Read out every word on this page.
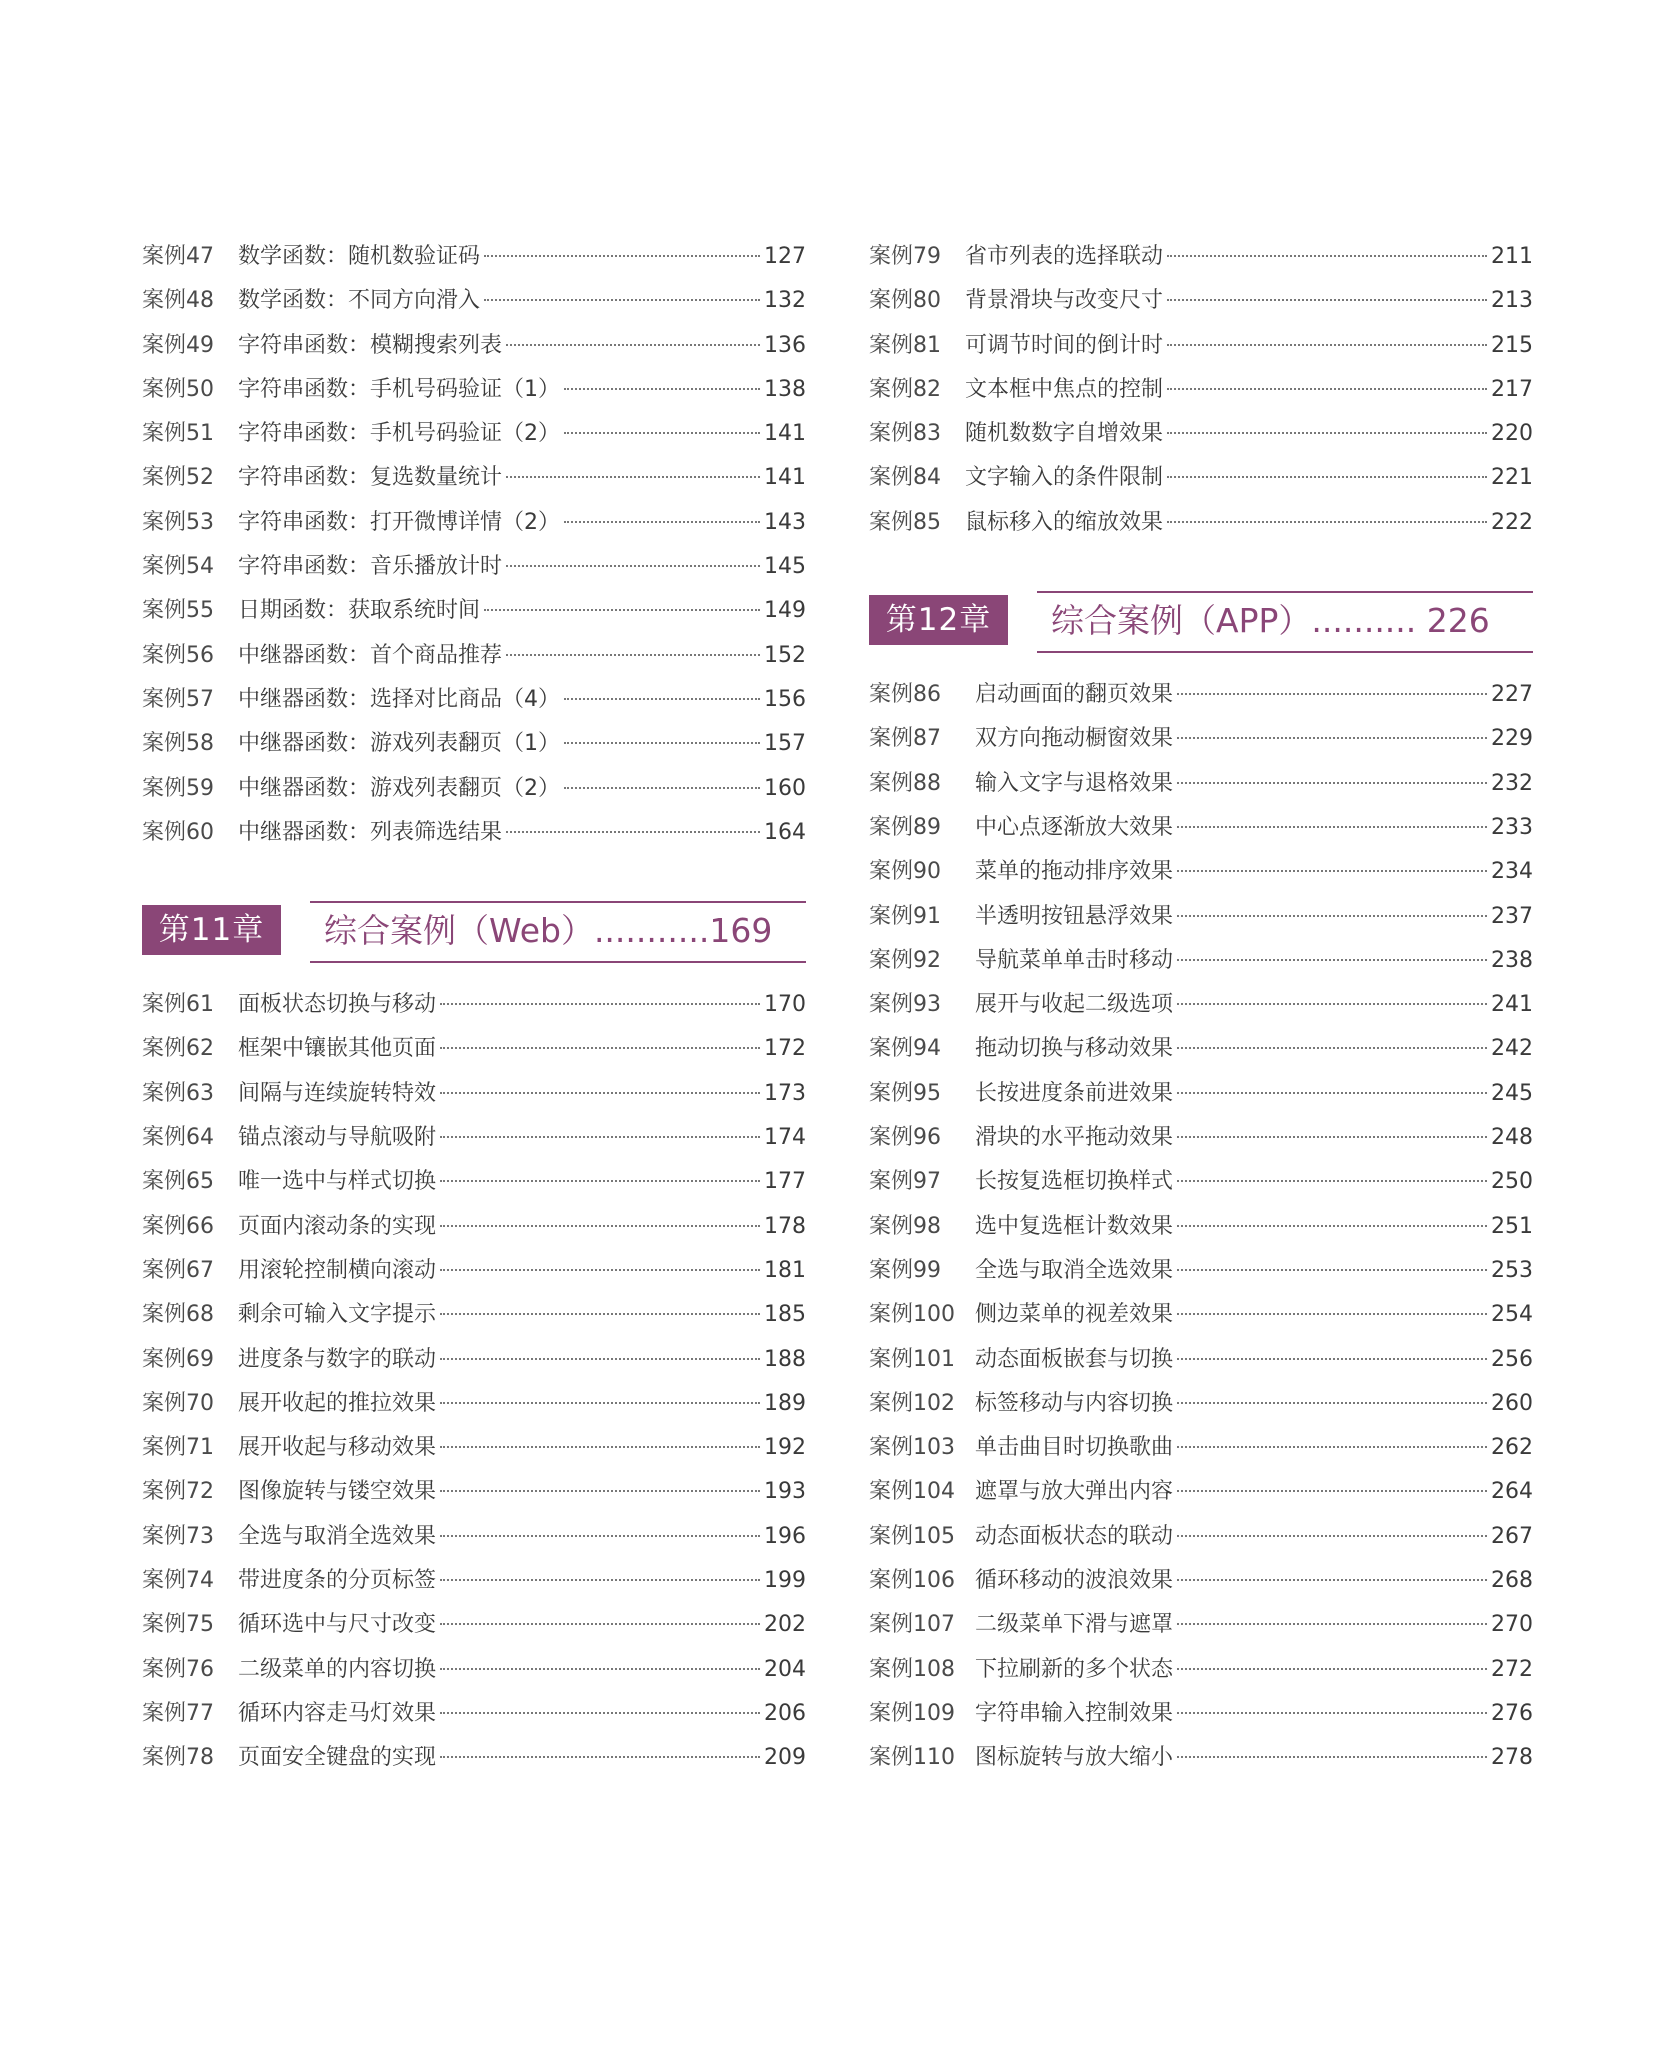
案例47	数学函数：随机数验证码	127
案例48	数学函数：不同方向滑入	132
案例49	字符串函数：模糊搜索列表	136
案例50	字符串函数：手机号码验证（1）	138
案例51	字符串函数：手机号码验证（2）	141
案例52	字符串函数：复选数量统计	141
案例53	字符串函数：打开微博详情（2）	143
案例54	字符串函数：音乐播放计时	145
案例55	日期函数：获取系统时间	149
案例56	中继器函数：首个商品推荐	152
案例57	中继器函数：选择对比商品（4）	156
案例58	中继器函数：游戏列表翻页（1）	157
案例59	中继器函数：游戏列表翻页（2）	160
案例60	中继器函数：列表筛选结果	164
第11章	综合案例（Web）...........169
案例61	面板状态切换与移动	170
案例62	框架中镶嵌其他页面	172
案例63	间隔与连续旋转特效	173
案例64	锚点滚动与导航吸附	174
案例65	唯一选中与样式切换	177
案例66	页面内滚动条的实现	178
案例67	用滚轮控制横向滚动	181
案例68	剩余可输入文字提示	185
案例69	进度条与数字的联动	188
案例70	展开收起的推拉效果	189
案例71	展开收起与移动效果	192
案例72	图像旋转与镂空效果	193
案例73	全选与取消全选效果	196
案例74	带进度条的分页标签	199
案例75	循环选中与尺寸改变	202
案例76	二级菜单的内容切换	204
案例77	循环内容走马灯效果	206
案例78	页面安全键盘的实现	209
案例79	省市列表的选择联动	211
案例80	背景滑块与改变尺寸	213
案例81	可调节时间的倒计时	215
案例82	文本框中焦点的控制	217
案例83	随机数数字自增效果	220
案例84	文字输入的条件限制	221
案例85	鼠标移入的缩放效果	222
第12章	综合案例（APP）.......... 226
案例86	启动画面的翻页效果	227
案例87	双方向拖动橱窗效果	229
案例88	输入文字与退格效果	232
案例89	中心点逐渐放大效果	233
案例90	菜单的拖动排序效果	234
案例91	半透明按钮悬浮效果	237
案例92	导航菜单单击时移动	238
案例93	展开与收起二级选项	241
案例94	拖动切换与移动效果	242
案例95	长按进度条前进效果	245
案例96	滑块的水平拖动效果	248
案例97	长按复选框切换样式	250
案例98	选中复选框计数效果	251
案例99	全选与取消全选效果	253
案例100 侧边菜单的视差效果	254
案例101 动态面板嵌套与切换	256
案例102 标签移动与内容切换	260
案例103 单击曲目时切换歌曲	262
案例104 遮罩与放大弹出内容	264
案例105 动态面板状态的联动	267
案例106 循环移动的波浪效果	268
案例107 二级菜单下滑与遮罩	270
案例108 下拉刷新的多个状态	272
案例109 字符串输入控制效果	276
案例110 图标旋转与放大缩小	278
